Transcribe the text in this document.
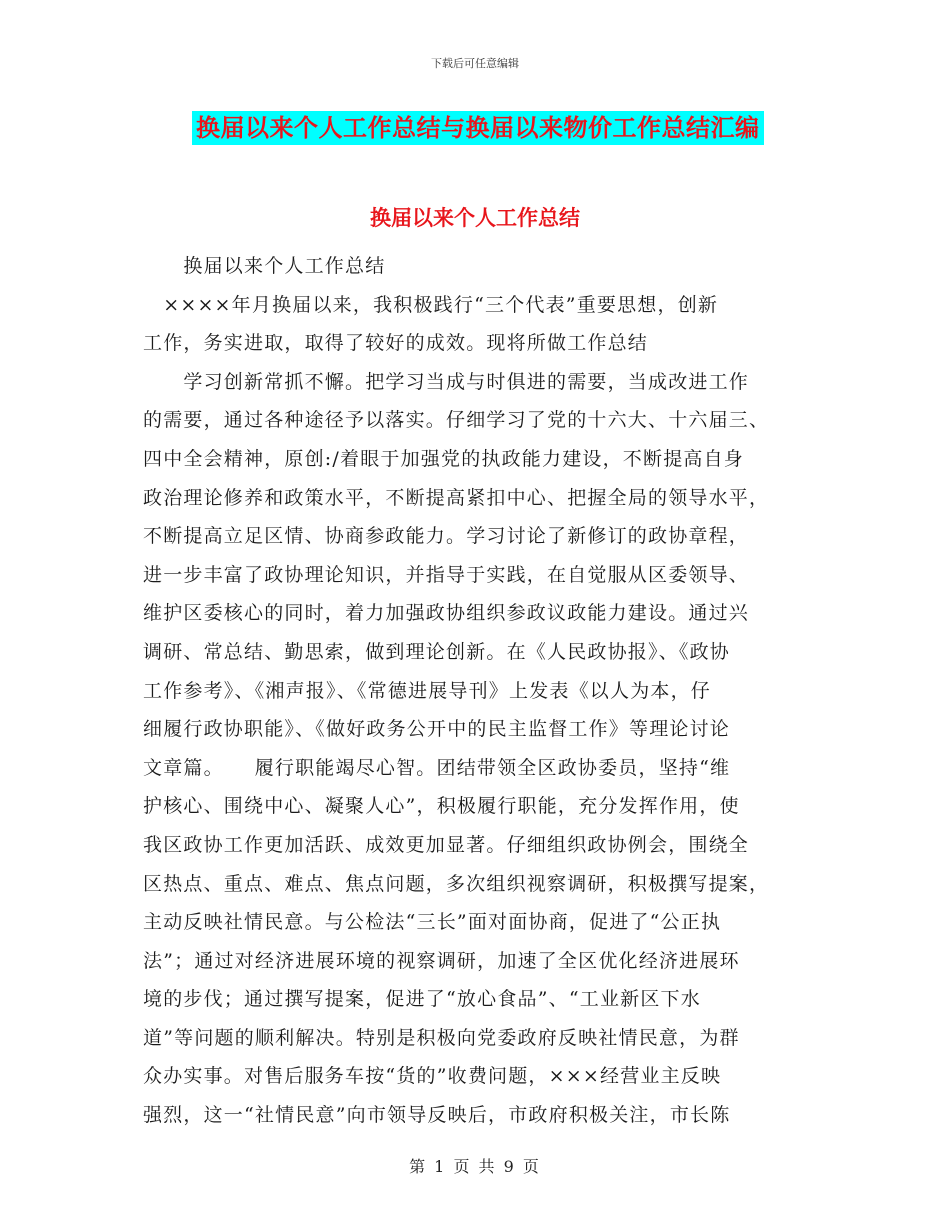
下载后可任意编辑
换届以来个人工作总结与换届以来物价工作总结汇编
换届以来个人工作总结
　　换届以来个人工作总结
　××××年月换届以来，我积极践行“三个代表”重要思想，创新
工作，务实进取，取得了较好的成效。现将所做工作总结
　　学习创新常抓不懈。把学习当成与时俱进的需要，当成改进工作
的需要，通过各种途径予以落实。仔细学习了党的十六大、十六届三、
四中全会精神，原创:/着眼于加强党的执政能力建设，不断提高自身
政治理论修养和政策水平，不断提高紧扣中心、把握全局的领导水平，
不断提高立足区情、协商参政能力。学习讨论了新修订的政协章程，
进一步丰富了政协理论知识，并指导于实践，在自觉服从区委领导、
维护区委核心的同时，着力加强政协组织参政议政能力建设。通过兴
调研、常总结、勤思索，做到理论创新。在《人民政协报》、《政协
工作参考》、《湘声报》、《常德进展导刊》上发表《以人为本，仔
细履行政协职能》、《做好政务公开中的民主监督工作》等理论讨论
文章篇。　　履行职能竭尽心智。团结带领全区政协委员，坚持“维
护核心、围绕中心、凝聚人心”，积极履行职能，充分发挥作用，使
我区政协工作更加活跃、成效更加显著。仔细组织政协例会，围绕全
区热点、重点、难点、焦点问题，多次组织视察调研，积极撰写提案，
主动反映社情民意。与公检法“三长”面对面协商，促进了“公正执
法”；通过对经济进展环境的视察调研，加速了全区优化经济进展环
境的步伐；通过撰写提案，促进了“放心食品”、“工业新区下水
道”等问题的顺利解决。特别是积极向党委政府反映社情民意，为群
众办实事。对售后服务车按“货的”收费问题，×××经营业主反映
强烈，这一“社情民意”向市领导反映后，市政府积极关注，市长陈
第 1 页 共 9 页
